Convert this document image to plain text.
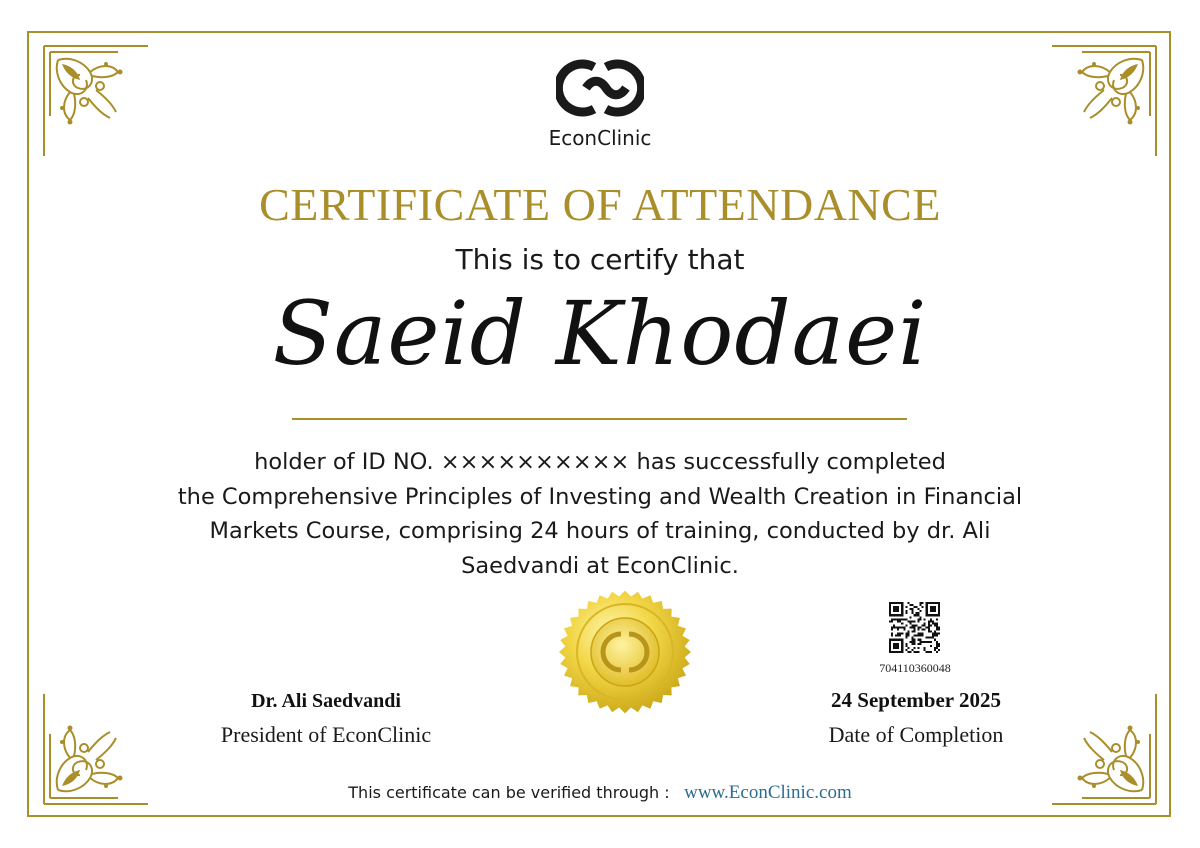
EconClinic
CERTIFICATE OF ATTENDANCE
This is to certify that
Saeid Khodaei
holder of ID NO. ×××××××××× has successfully completed
the Comprehensive Principles of Investing and Wealth Creation in Financial
Markets Course, comprising 24 hours of training, conducted by dr. Ali
Saedvandi at EconClinic.
704110360048
Dr. Ali Saedvandi
President of EconClinic
24 September 2025
Date of Completion
This certificate can be verified through : www.EconClinic.com
